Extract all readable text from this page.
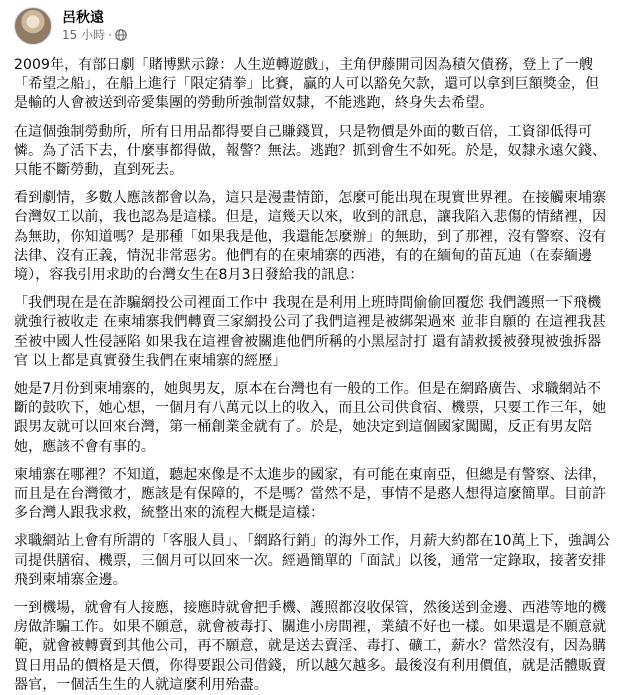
呂秋遠
15 小時 ·

2009年，有部日劇「賭博默示錄：人生逆轉遊戲」，主角伊藤開司因為積欠債務，登上了一艘「希望之船」，在船上進行「限定猜拳」比賽，贏的人可以豁免欠款，還可以拿到巨額獎金，但是輸的人會被送到帝愛集團的勞動所強制當奴隸，不能逃跑，終身失去希望。

在這個強制勞動所，所有日用品都得要自己賺錢買，只是物價是外面的數百倍，工資卻低得可憐。為了活下去，什麼事都得做，報警？無法。逃跑？抓到會生不如死。於是，奴隸永遠欠錢、只能不斷勞動，直到死去。

看到劇情，多數人應該都會以為，這只是漫畫情節，怎麼可能出現在現實世界裡。在接觸柬埔寨台灣奴工以前，我也認為是這樣。但是，這幾天以來，收到的訊息，讓我陷入悲傷的情緒裡，因為無助，你知道嗎？是那種「如果我是他，我還能怎麼辦」的無助，到了那裡，沒有警察、沒有法律、沒有正義，情況非常惡劣。他們有的在柬埔寨的西港，有的在緬甸的苗瓦迪（在泰緬邊境），容我引用求助的台灣女生在8月3日發給我的訊息：

「我們現在是在詐騙網投公司裡面工作中 我現在是利用上班時間偷偷回覆您 我們護照一下飛機就強行被收走 在柬埔寨我們轉賣三家網投公司了我們這裡是被綁架過來 並非自願的 在這裡我甚至被中國人性侵誣陷 如果我在這裡會被關進他們所稱的小黑屋討打 還有請救援被發現被強拆器官 以上都是真實發生我們在柬埔寨的經歷」

她是7月份到柬埔寨的，她與男友，原本在台灣也有一般的工作。但是在網路廣告、求職網站不斷的鼓吹下，她心想，一個月有八萬元以上的收入，而且公司供食宿、機票，只要工作三年，她跟男友就可以回來台灣，第一桶創業金就有了。於是，她決定到這個國家闖闖，反正有男友陪她，應該不會有事的。

柬埔寨在哪裡？不知道，聽起來像是不太進步的國家，有可能在東南亞，但總是有警察、法律，而且是在台灣徵才，應該是有保障的，不是嗎？當然不是，事情不是憨人想得這麼簡單。目前許多台灣人跟我求救，統整出來的流程大概是這樣：

求職網站上會有所謂的「客服人員」、「網路行銷」的海外工作，月薪大約都在10萬上下，強調公司提供膳宿、機票，三個月可以回來一次。經過簡單的「面試」以後，通常一定錄取，接著安排飛到柬埔寨金邊。

一到機場，就會有人接應，接應時就會把手機、護照都沒收保管，然後送到金邊、西港等地的機房做詐騙工作。如果不願意，就會被毒打、關進小房間裡，業績不好也一樣。如果還是不願意就範，就會被轉賣到其他公司，再不願意，就是送去賣淫、毒打、礦工，薪水？當然沒有，因為購買日用品的價格是天價，你得要跟公司借錢，所以越欠越多。最後沒有利用價值，就是活體販賣器官，一個活生生的人就這麼利用殆盡。
